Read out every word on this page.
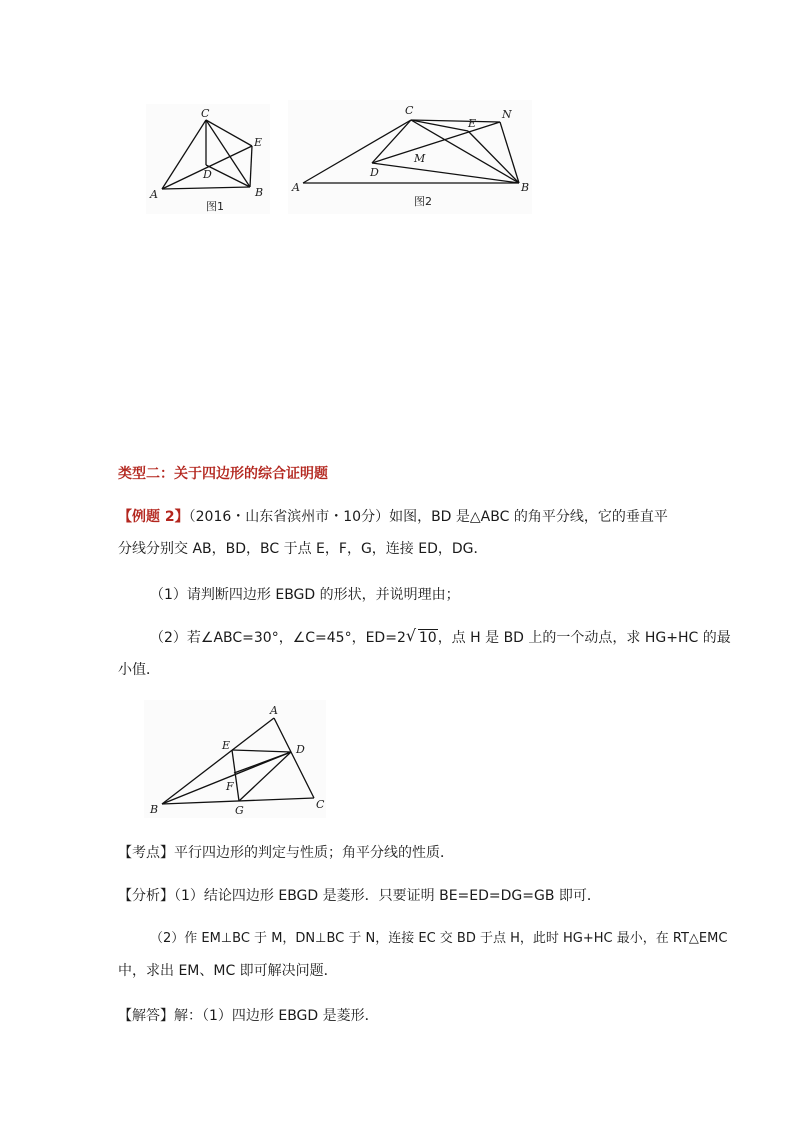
C
E
D
A	B
图1
C	N
E
M
D
A	B
图2
类型二：关于四边形的综合证明题
【例题 2】（2016・山东省滨州市・10分）如图，BD 是△ABC 的角平分线，它的垂直平
分线分别交 AB，BD，BC 于点 E，F，G，连接 ED，DG．
（1）请判断四边形 EBGD 的形状，并说明理由；
（2）若∠ABC=30°，∠C=45°，ED=2 √ 10，点 H 是 BD 上的一个动点，求 HG+HC 的最
小值．
A
E	D
F
B	G	C
【考点】平行四边形的判定与性质；角平分线的性质．
【分析】（1）结论四边形 EBGD 是菱形．只要证明 BE=ED=DG=GB 即可．
（2）作 EM⊥BC 于 M，DN⊥BC 于 N，连接 EC 交 BD 于点 H，此时 HG+HC 最小，在 RT△EMC
中，求出 EM、MC 即可解决问题．
【解答】解：（1）四边形 EBGD 是菱形．
